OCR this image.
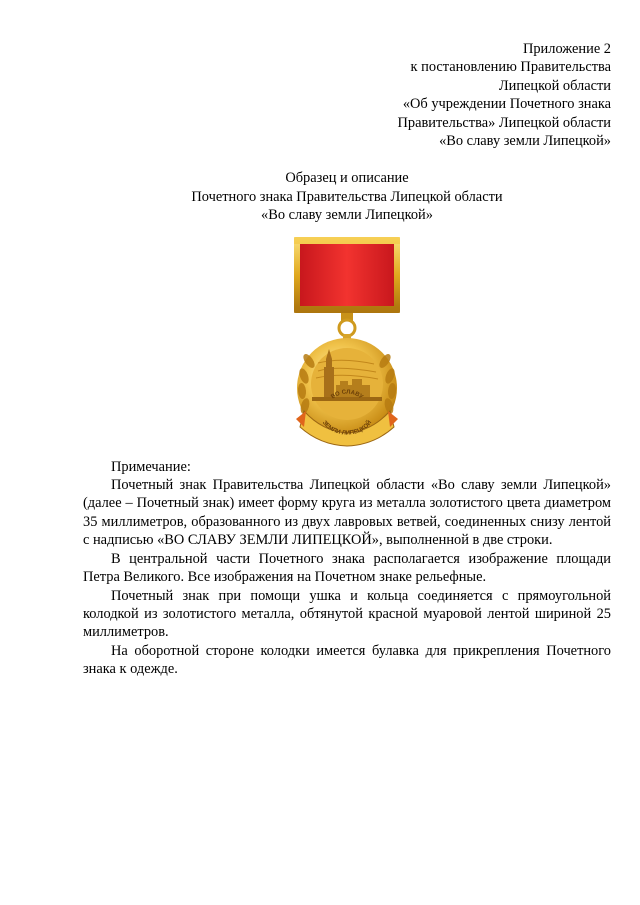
Приложение 2
к постановлению Правительства
Липецкой области
«Об учреждении Почетного знака
Правительства» Липецкой области
«Во славу земли Липецкой»
Образец и описание
Почетного знака Правительства Липецкой области
«Во славу земли Липецкой»
ВО СЛАВУ
ЗЕМЛИ ЛИПЕЦКОЙ

Примечание:

Почетный знак Правительства Липецкой области «Во славу земли Липецкой» (далее – Почетный знак) имеет форму круга из металла золотистого цвета диаметром 35 миллиметров, образованного из двух лавровых ветвей, соединенных снизу лентой с надписью «ВО СЛАВУ ЗЕМЛИ ЛИПЕЦКОЙ», выполненной в две строки.

В центральной части Почетного знака располагается изображение площади Петра Великого. Все изображения на Почетном знаке рельефные.

Почетный знак при помощи ушка и кольца соединяется с прямоугольной колодкой из золотистого металла, обтянутой красной муаровой лентой шириной 25 миллиметров.

На оборотной стороне колодки имеется булавка для прикрепления Почетного знака к одежде.
